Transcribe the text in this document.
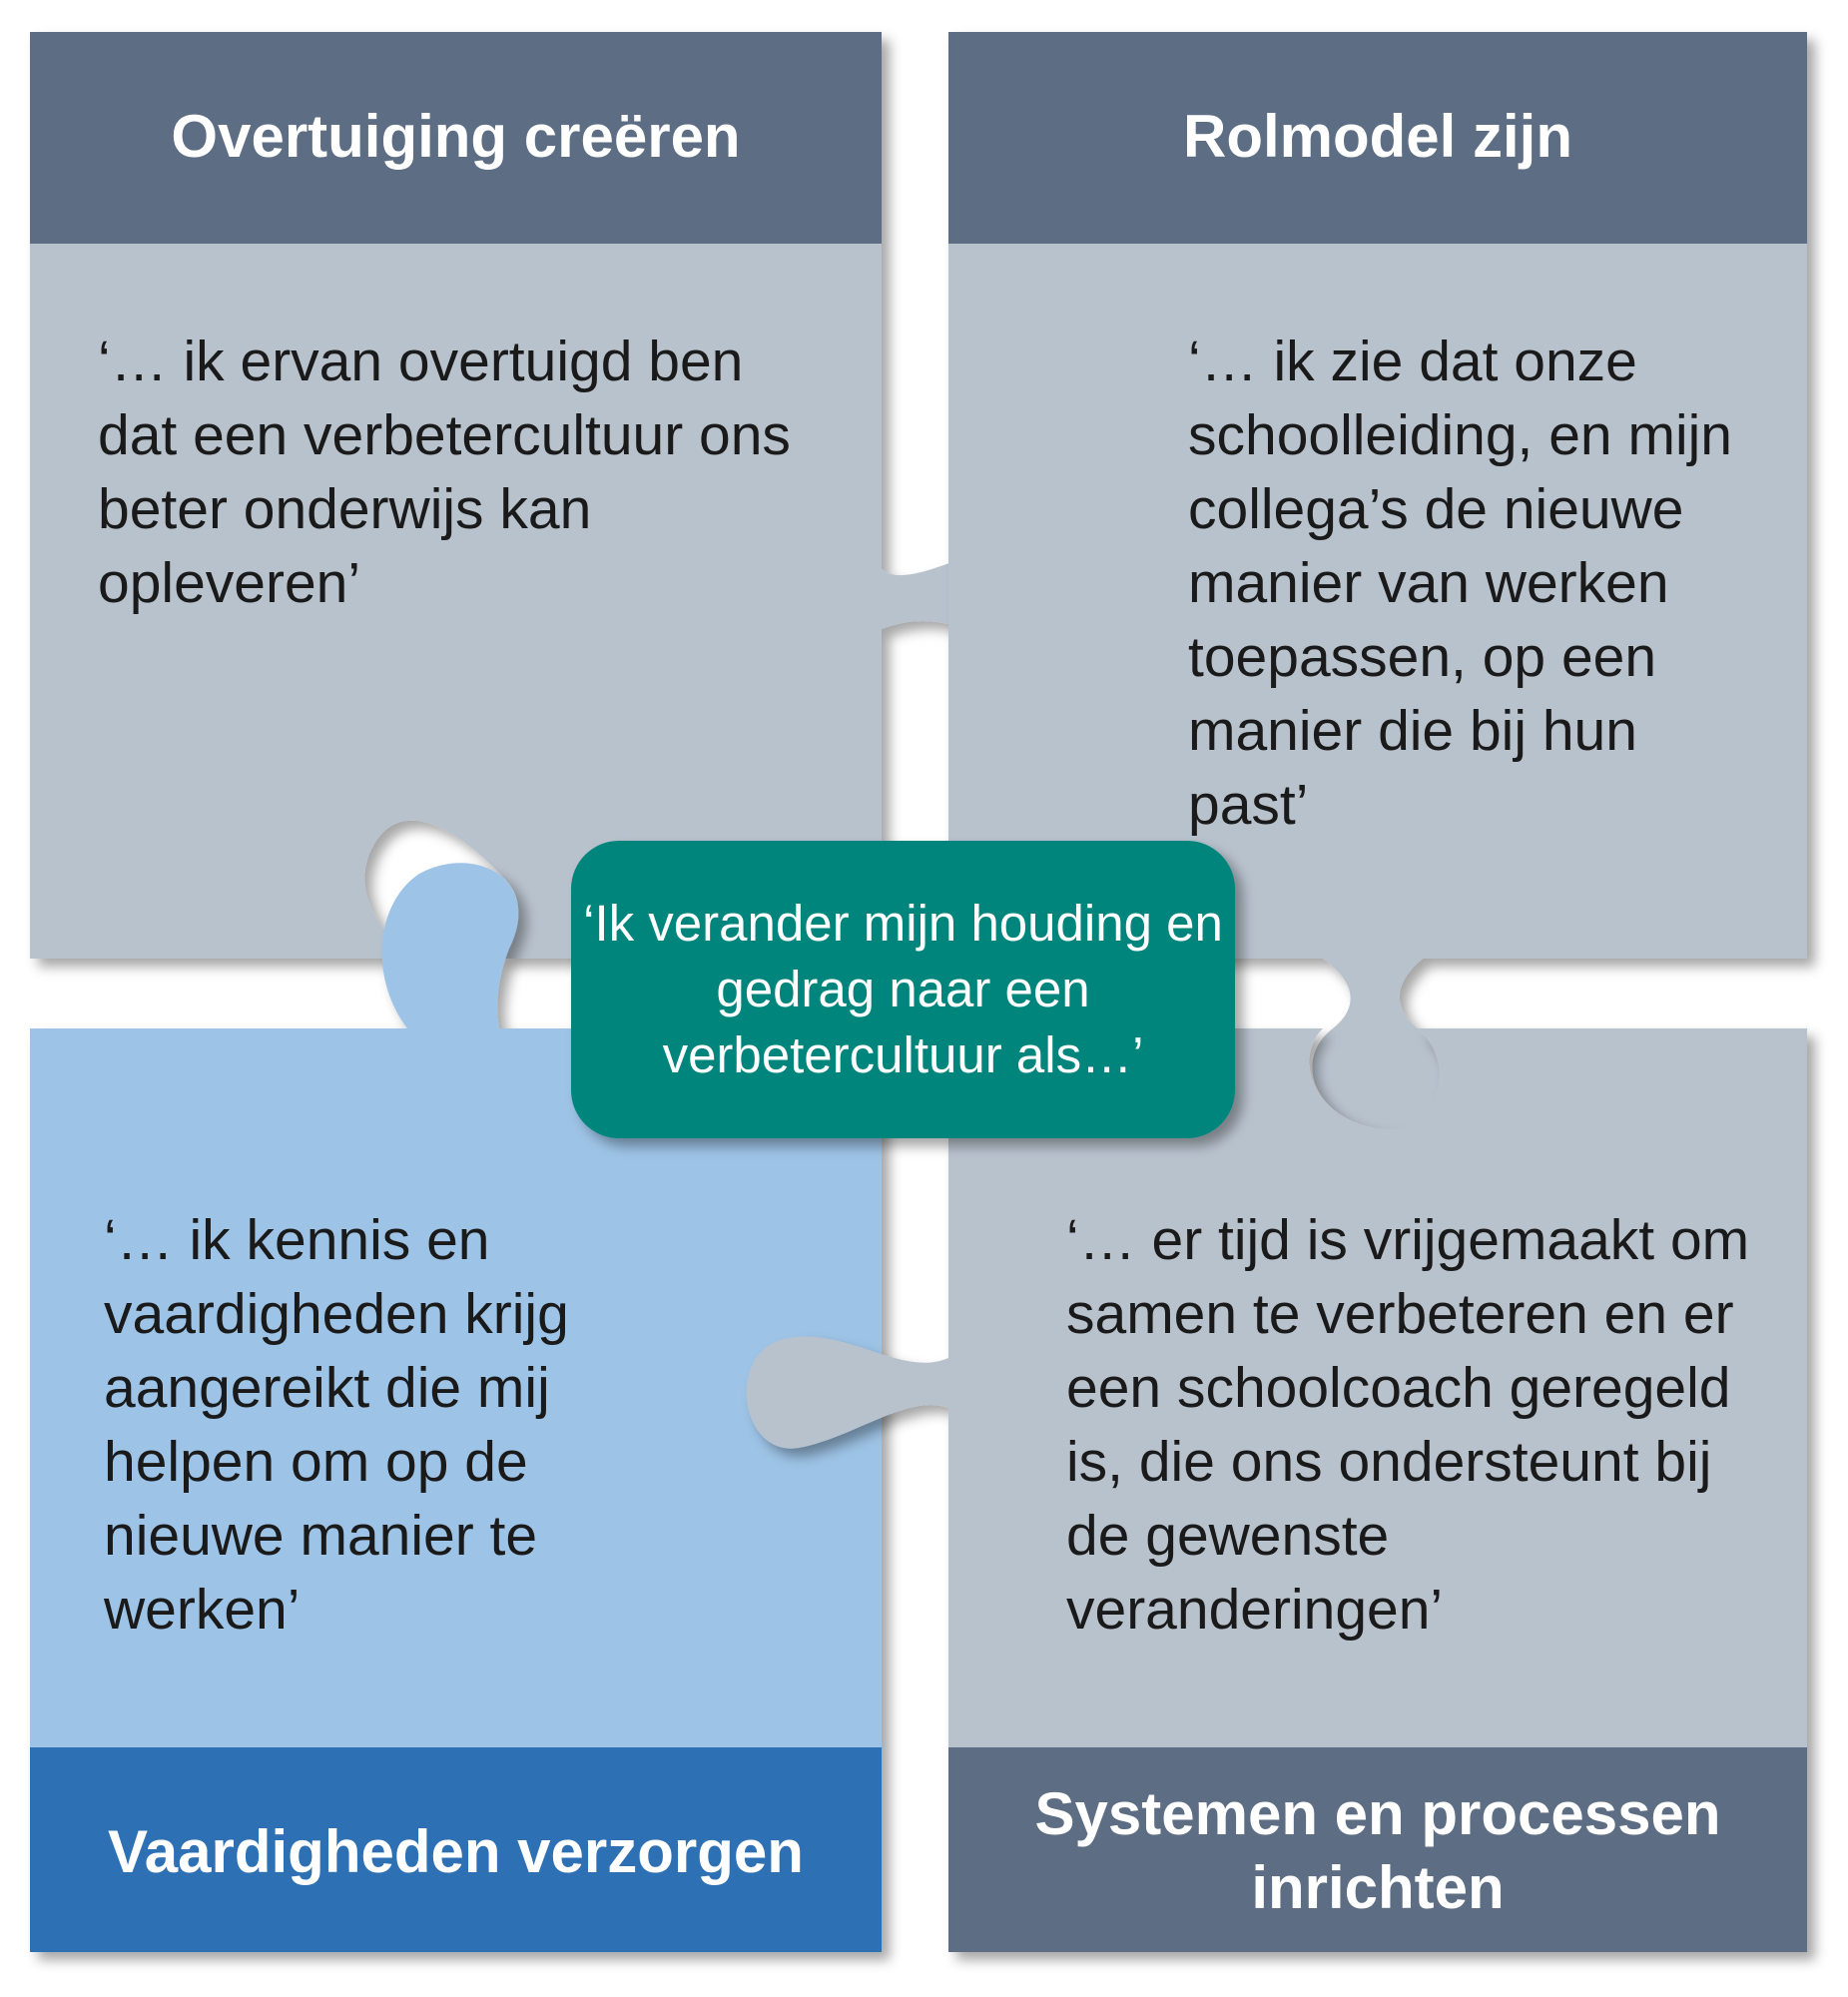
Overtuiging creëren	Rolmodel zijn
Vaardigheden verzorgen
Systemen en processen inrichten
‘… ik ervan overtuigd ben dat een verbetercultuur ons beter onderwijs kan opleveren’
‘… ik zie dat onze schoolleiding, en mijn collega’s de nieuwe manier van werken toepassen, op een manier die bij hun past’
‘… ik kennis en vaardigheden krijg aangereikt die mij helpen om op de nieuwe manier te werken’
‘… er tijd is vrijgemaakt om samen te verbeteren en er een schoolcoach geregeld is, die ons ondersteunt bij de gewenste veranderingen’
‘Ik verander mijn houding en gedrag naar een verbetercultuur als…’
